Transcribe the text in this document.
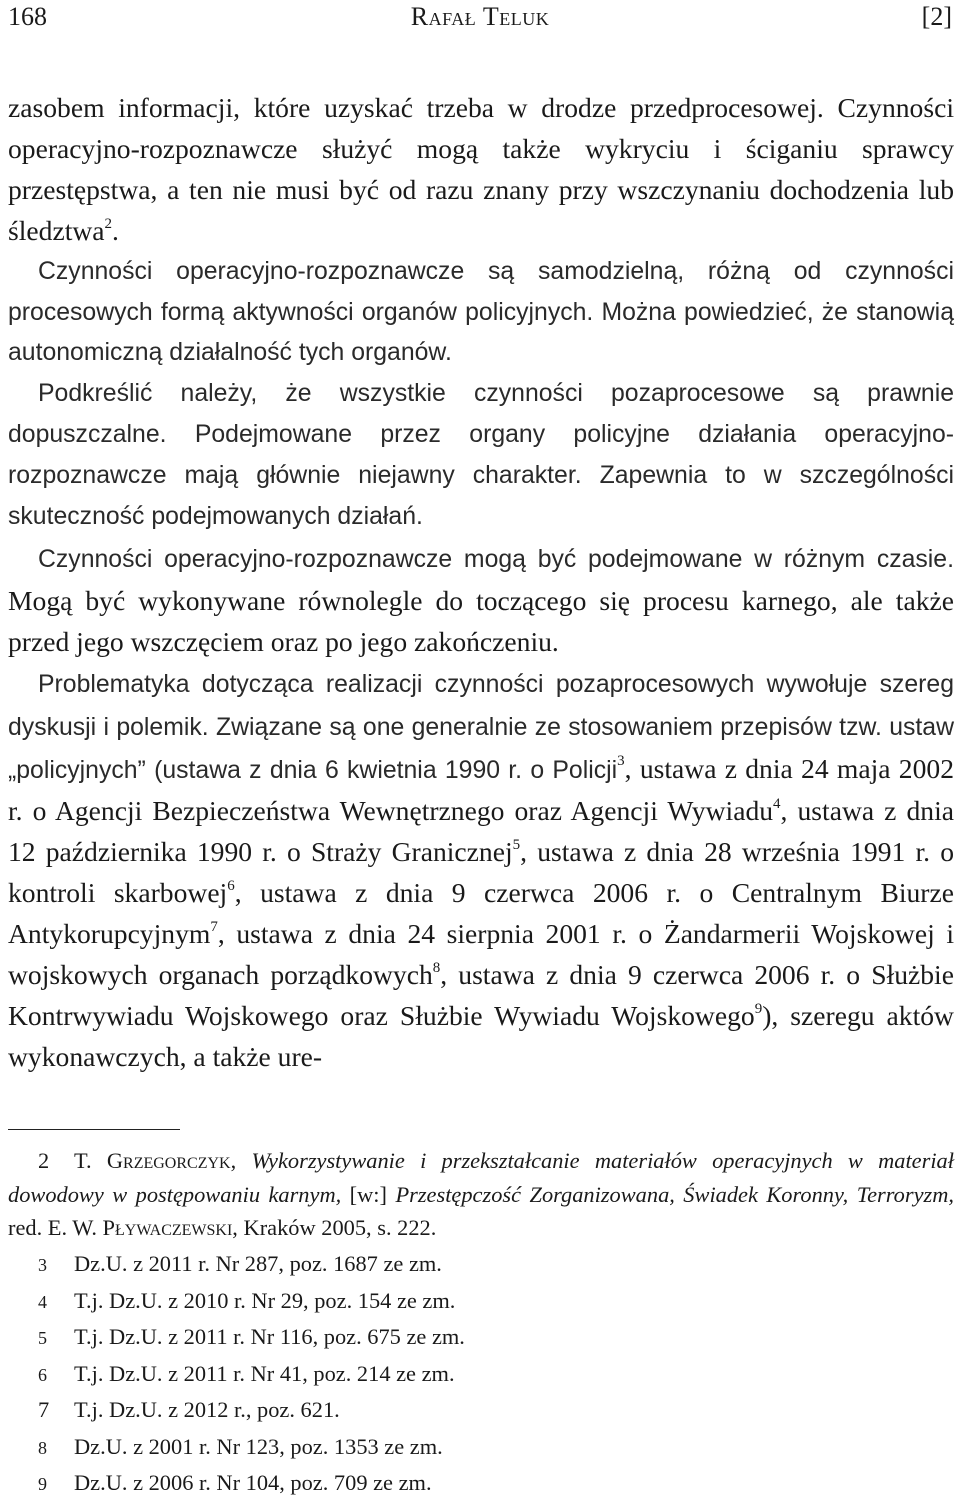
168	Rafał Teluk	[2]

zasobem informacji, które uzyskać trzeba w drodze przedprocesowej. Czynności operacyjno-rozpoznawcze służyć mogą także wykryciu i ściganiu sprawcy przestępstwa, a ten nie musi być od razu znany przy wszczynaniu dochodzenia lub śledztwa$^2$.

Czynności operacyjno-rozpoznawcze są samodzielną, różną od czynności procesowych formą aktywności organów policyjnych. Można powiedzieć, że stanowią autonomiczną działalność tych organów.

Podkreślić należy, że wszystkie czynności pozaprocesowe są prawnie dopuszczalne. Podejmowane przez organy policyjne działania operacyjno-rozpoznawcze mają głównie niejawny charakter. Zapewnia to w szczególności skuteczność podejmowanych działań.

Czynności operacyjno-rozpoznawcze mogą być podejmowane w różnym czasie. Mogą być wykonywane równolegle do toczącego się procesu karnego, ale także przed jego wszczęciem oraz po jego zakończeniu.

Problematyka dotycząca realizacji czynności pozaprocesowych wywołuje szereg dyskusji i polemik. Związane są one generalnie ze stosowaniem przepisów tzw. ustaw „policyjnych” (ustawa z dnia 6 kwietnia 1990 r. o Policji$^3$, ustawa z dnia 24 maja 2002 r. o Agencji Bezpieczeństwa Wewnętrznego oraz Agencji Wywiadu$^4$, ustawa z dnia 12 października 1990 r. o Straży Granicznej$^5$, ustawa z dnia 28 września 1991 r. o kontroli skarbowej$^6$, ustawa z dnia 9 czerwca 2006 r. o Centralnym Biurze Antykorupcyjnym$^7$, ustawa z dnia 24 sierpnia 2001 r. o Żandarmerii Wojskowej i wojskowych organach porządkowych$^8$, ustawa z dnia 9 czerwca 2006 r. o Służbie Kontrwywiadu Wojskowego oraz Służbie Wywiadu Wojskowego$^9$), szeregu aktów wykonawczych, a także ure-

2 T. Grzegorczyk, Wykorzystywanie i przekształcanie materiałów operacyjnych w materiał dowodowy w postępowaniu karnym, [w:] Przestępczość Zorganizowana, Świadek Koronny, Terroryzm, red. E. W. Pływaczewski, Kraków 2005, s. 222.
3 Dz.U. z 2011 r. Nr 287, poz. 1687 ze zm.
4 T.j. Dz.U. z 2010 r. Nr 29, poz. 154 ze zm.
5 T.j. Dz.U. z 2011 r. Nr 116, poz. 675 ze zm.
6 T.j. Dz.U. z 2011 r. Nr 41, poz. 214 ze zm.
7 T.j. Dz.U. z 2012 r., poz. 621.
8 Dz.U. z 2001 r. Nr 123, poz. 1353 ze zm.
9 Dz.U. z 2006 r. Nr 104, poz. 709 ze zm.
